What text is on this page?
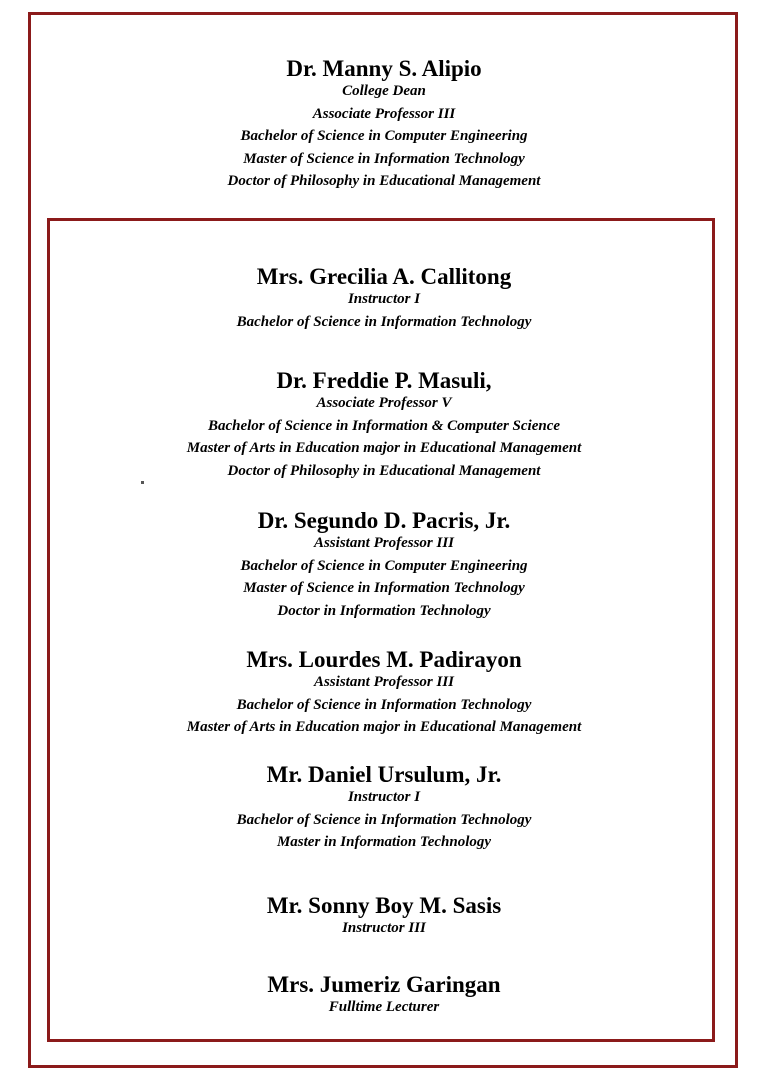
Dr. Manny S. Alipio
College Dean
Associate Professor III
Bachelor of Science in Computer Engineering
Master of Science in Information Technology
Doctor of Philosophy in Educational Management
Mrs. Grecilia A. Callitong
Instructor I
Bachelor of Science in Information Technology
Dr. Freddie P. Masuli,
Associate Professor V
Bachelor of Science in Information & Computer Science
Master of Arts in Education major in Educational Management
Doctor of Philosophy in Educational Management
Dr. Segundo D. Pacris, Jr.
Assistant Professor III
Bachelor of Science in Computer Engineering
Master of Science in Information Technology
Doctor in Information Technology
Mrs. Lourdes M. Padirayon
Assistant Professor III
Bachelor of Science in Information Technology
Master of Arts in Education major in Educational Management
Mr. Daniel Ursulum, Jr.
Instructor I
Bachelor of Science in Information Technology
Master in Information Technology
Mr. Sonny Boy M. Sasis
Instructor III
Mrs. Jumeriz Garingan
Fulltime Lecturer
